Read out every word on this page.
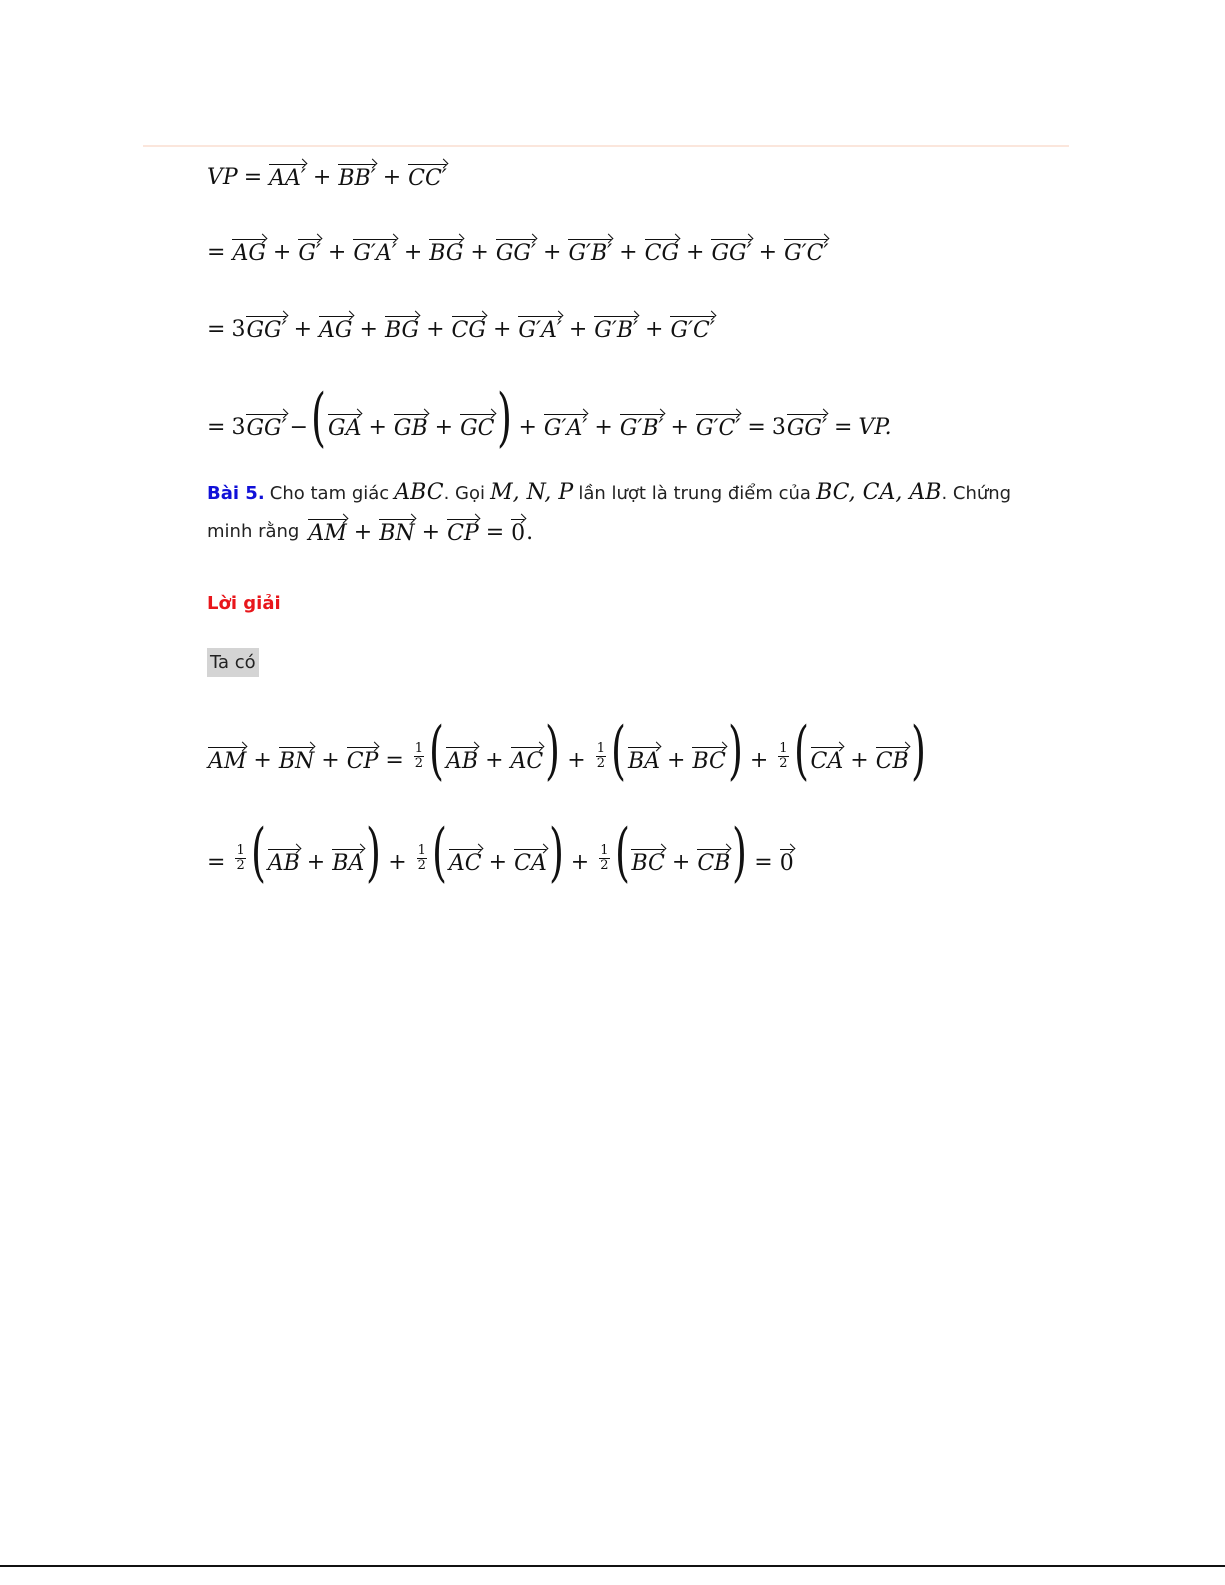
VP = AA′ + BB′ + CC′
= AG + G′ + G′A′ + BG + GG′ + G′B′ + CG + GG′ + G′C′
= 3 GG′ + AG + BG + CG + G′A′ + G′B′ + G′C′
= 3 GG′ − ( GA + GB + GC ) + G′A′ + G′B′ + G′C′ = 3 GG′ = VP.
Bài 5. Cho tam giác ABC. Gọi M, N, P lần lượt là trung điểm của BC, CA, AB. Chứng
minh rằng AM + BN + CP = 0 .
Lời giải
Ta có
AM + BN + CP = $\frac{1}{2}$ ( AB + AC ) + $\frac{1}{2}$ ( BA + BC ) + $\frac{1}{2}$ ( CA + CB )
= $\frac{1}{2}$ ( AB + BA ) + $\frac{1}{2}$ ( AC + CA ) + $\frac{1}{2}$ ( BC + CB ) = 0
